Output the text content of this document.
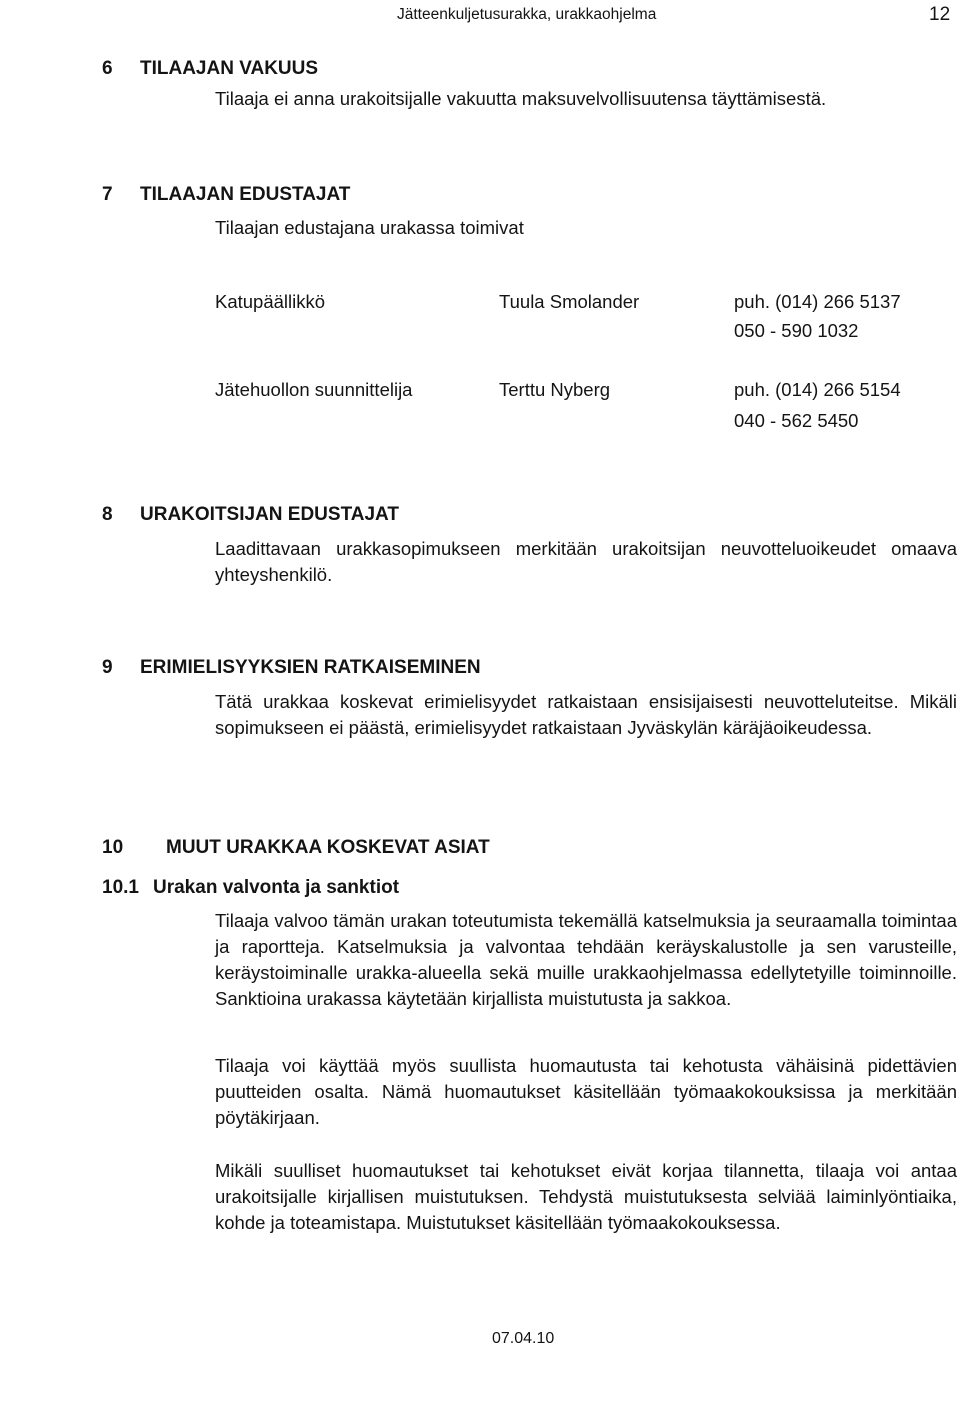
Jätteenkuljetusurakka, urakkaohjelma	12
6 TILAAJAN VAKUUS
Tilaaja ei anna urakoitsijalle vakuutta maksuvelvollisuutensa täyttämisestä.
7 TILAAJAN EDUSTAJAT
Tilaajan edustajana urakassa toimivat
Katupäällikkö	Tuula Smolander	puh. (014) 266 5137
050 - 590 1032
Jätehuollon suunnittelija	Terttu Nyberg	puh. (014) 266 5154
040 - 562 5450
8 URAKOITSIJAN EDUSTAJAT
Laadittavaan urakkasopimukseen merkitään urakoitsijan neuvotteluoikeudet omaava yhteyshenkilö.
9 ERIMIELISYYKSIEN RATKAISEMINEN
Tätä urakkaa koskevat erimielisyydet ratkaistaan ensisijaisesti neuvotteluteitse. Mikäli sopimukseen ei päästä, erimielisyydet ratkaistaan Jyväskylän käräjäoikeudessa.
10 MUUT URAKKAA KOSKEVAT ASIAT
10.1 Urakan valvonta ja sanktiot
Tilaaja valvoo tämän urakan toteutumista tekemällä katselmuksia ja seuraamalla toimintaa ja raportteja. Katselmuksia ja valvontaa tehdään keräyskalustolle ja sen varusteille, keräystoiminalle urakka-alueella sekä muille urakkaohjelmassa edellytetyille toiminnoille. Sanktioina urakassa käytetään kirjallista muistutusta ja sakkoa.
Tilaaja voi käyttää myös suullista huomautusta tai kehotusta vähäisinä pidettävien puutteiden osalta. Nämä huomautukset käsitellään työmaakokouksissa ja merkitään pöytäkirjaan.
Mikäli suulliset huomautukset tai kehotukset eivät korjaa tilannetta, tilaaja voi antaa urakoitsijalle kirjallisen muistutuksen. Tehdystä muistutuksesta selviää laiminlyöntiaika, kohde ja toteamistapa. Muistutukset käsitellään työmaakokouksessa.
07.04.10
